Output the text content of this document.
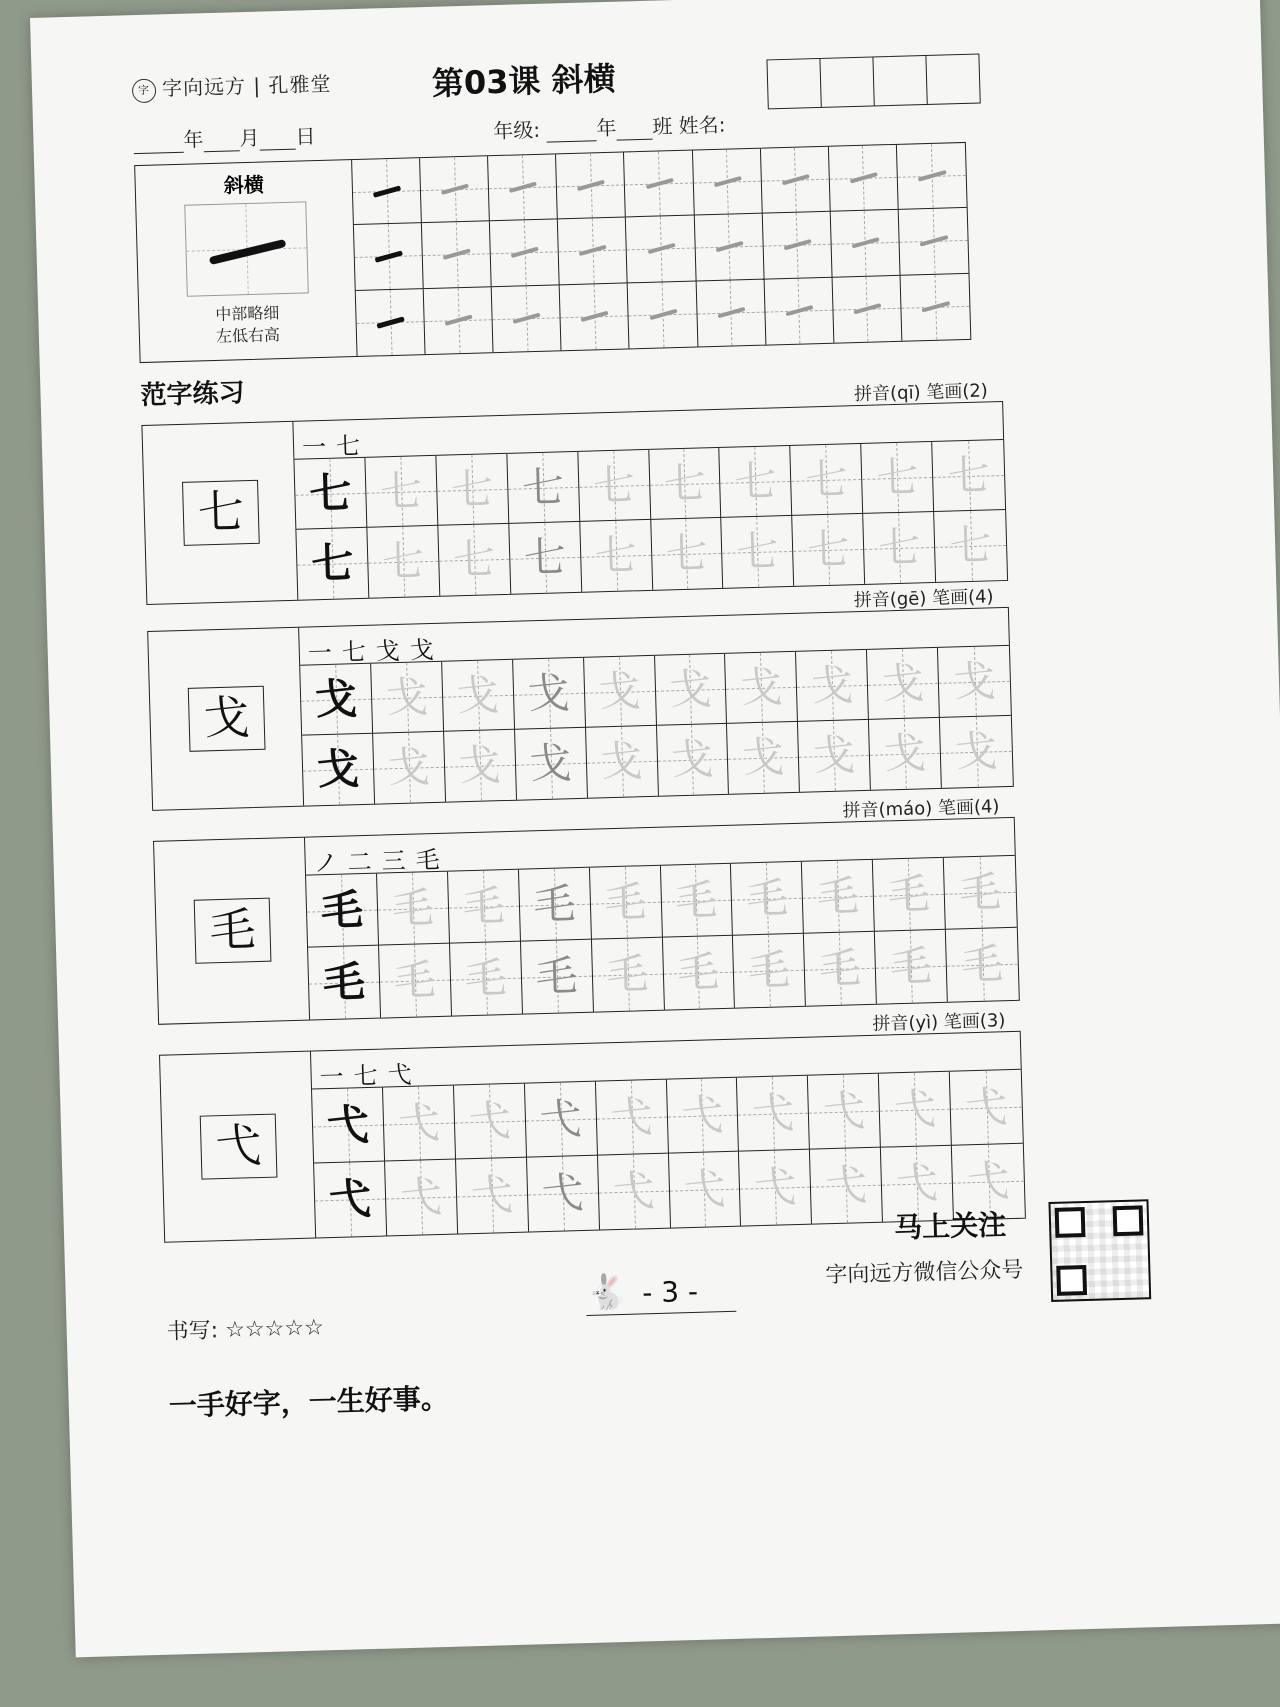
字 字向远方 | 孔雅堂	第03课 斜横
年 月 日	年级:	年 班 姓名:
斜横
中部略细
左低右高
范字练习
七
一七
拼音(qī) 笔画(2)
七 七 七 七 七 七 七 七 七 七
七 七 七 七 七 七 七 七 七 七
戈
一七戈戈
拼音(gē) 笔画(4)
戈 戈 戈 戈 戈 戈 戈 戈 戈 戈
戈 戈 戈 戈 戈 戈 戈 戈 戈 戈
毛
ノ二三毛
拼音(máo) 笔画(4)
毛 毛 毛 毛 毛 毛 毛 毛 毛 毛
毛 毛 毛 毛 毛 毛 毛 毛 毛 毛
弋
一七弋
拼音(yì) 笔画(3)
弋 弋 弋 弋 弋 弋 弋 弋 弋 弋
弋 弋 弋 弋 弋 弋 弋 弋 弋 弋
马上关注
字向远方微信公众号
🐇 - 3 -
书写: ☆☆☆☆☆
一手好字，一生好事。
